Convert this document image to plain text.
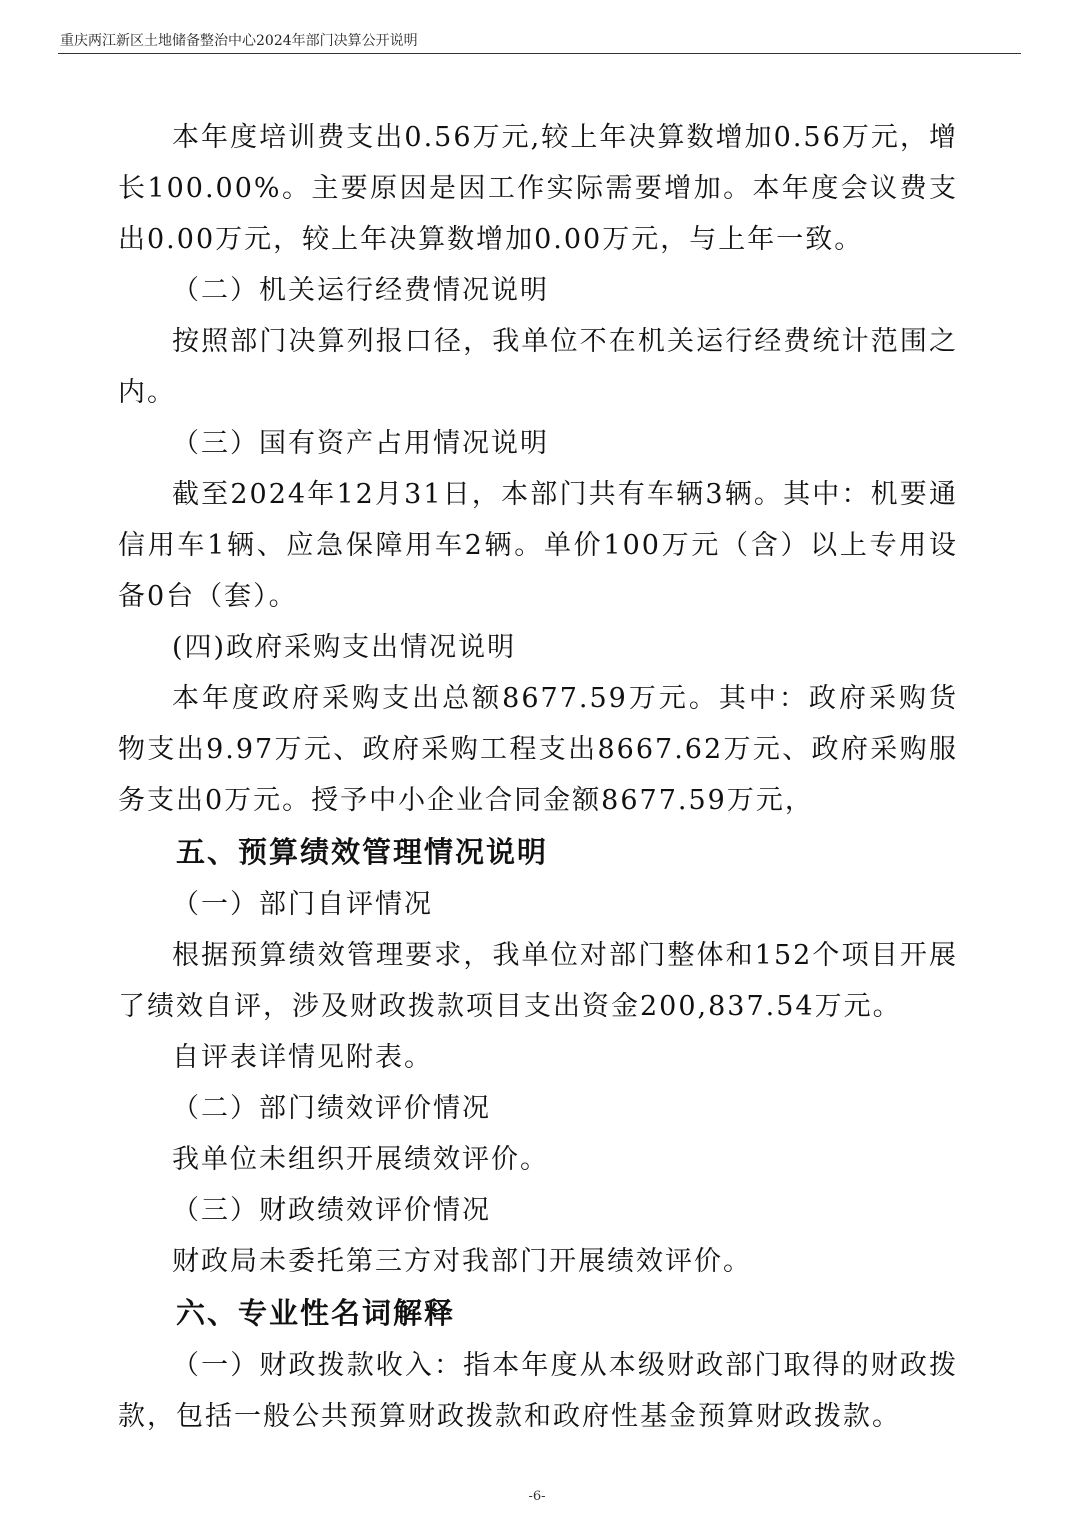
重庆两江新区土地储备整治中心2024年部门决算公开说明

本年度培训费支出0.56万元,较上年决算数增加0.56万元，增长100.00%。主要原因是因工作实际需要增加。本年度会议费支出0.00万元，较上年决算数增加0.00万元，与上年一致。

（二）机关运行经费情况说明

按照部门决算列报口径，我单位不在机关运行经费统计范围之内。

（三）国有资产占用情况说明

截至2024年12月31日，本部门共有车辆3辆。其中：机要通信用车1辆、应急保障用车2辆。单价100万元（含）以上专用设备0台（套）。

(四)政府采购支出情况说明

本年度政府采购支出总额8677.59万元。其中：政府采购货物支出9.97万元、政府采购工程支出8667.62万元、政府采购服务支出0万元。授予中小企业合同金额8677.59万元，

五、预算绩效管理情况说明

（一）部门自评情况

根据预算绩效管理要求，我单位对部门整体和152个项目开展了绩效自评，涉及财政拨款项目支出资金200,837.54万元。

自评表详情见附表。

（二）部门绩效评价情况

我单位未组织开展绩效评价。

（三）财政绩效评价情况

财政局未委托第三方对我部门开展绩效评价。

六、专业性名词解释

（一）财政拨款收入：指本年度从本级财政部门取得的财政拨款，包括一般公共预算财政拨款和政府性基金预算财政拨款。

-6-
